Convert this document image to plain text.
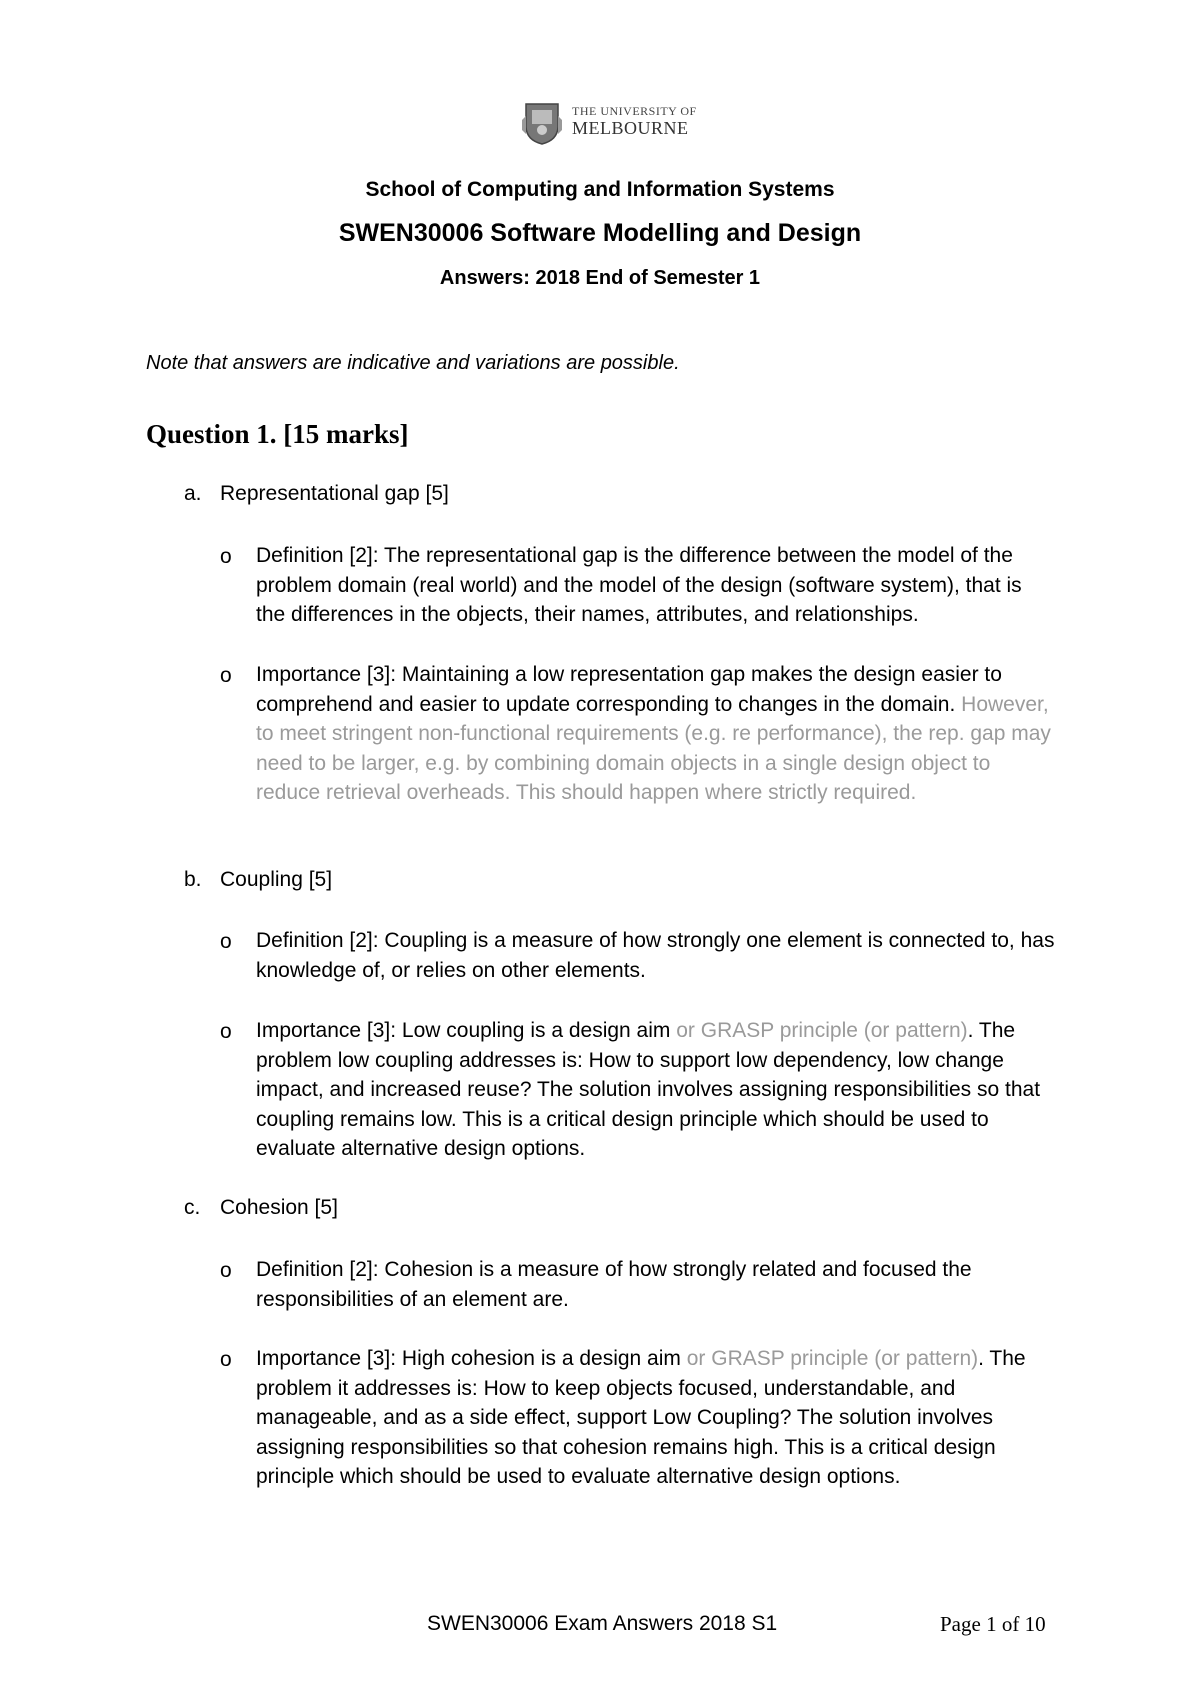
THE UNIVERSITY OF
MELBOURNE
School of Computing and Information Systems
SWEN30006 Software Modelling and Design
Answers: 2018 End of Semester 1
Note that answers are indicative and variations are possible.
Question 1. [15 marks]
a. Representational gap [5]
o Definition [2]: The representational gap is the difference between the model of the problem domain (real world) and the model of the design (software system), that is the differences in the objects, their names, attributes, and relationships.
o Importance [3]: Maintaining a low representation gap makes the design easier to comprehend and easier to update corresponding to changes in the domain. However, to meet stringent non-functional requirements (e.g. re performance), the rep. gap may need to be larger, e.g. by combining domain objects in a single design object to reduce retrieval overheads. This should happen where strictly required.
b. Coupling [5]
o Definition [2]: Coupling is a measure of how strongly one element is connected to, has knowledge of, or relies on other elements.
o Importance [3]: Low coupling is a design aim or GRASP principle (or pattern). The problem low coupling addresses is: How to support low dependency, low change impact, and increased reuse? The solution involves assigning responsibilities so that coupling remains low. This is a critical design principle which should be used to evaluate alternative design options.
c. Cohesion [5]
o Definition [2]: Cohesion is a measure of how strongly related and focused the responsibilities of an element are.
o Importance [3]: High cohesion is a design aim or GRASP principle (or pattern). The problem it addresses is: How to keep objects focused, understandable, and manageable, and as a side effect, support Low Coupling? The solution involves assigning responsibilities so that cohesion remains high. This is a critical design principle which should be used to evaluate alternative design options.
SWEN30006 Exam Answers 2018 S1	Page 1 of 10
